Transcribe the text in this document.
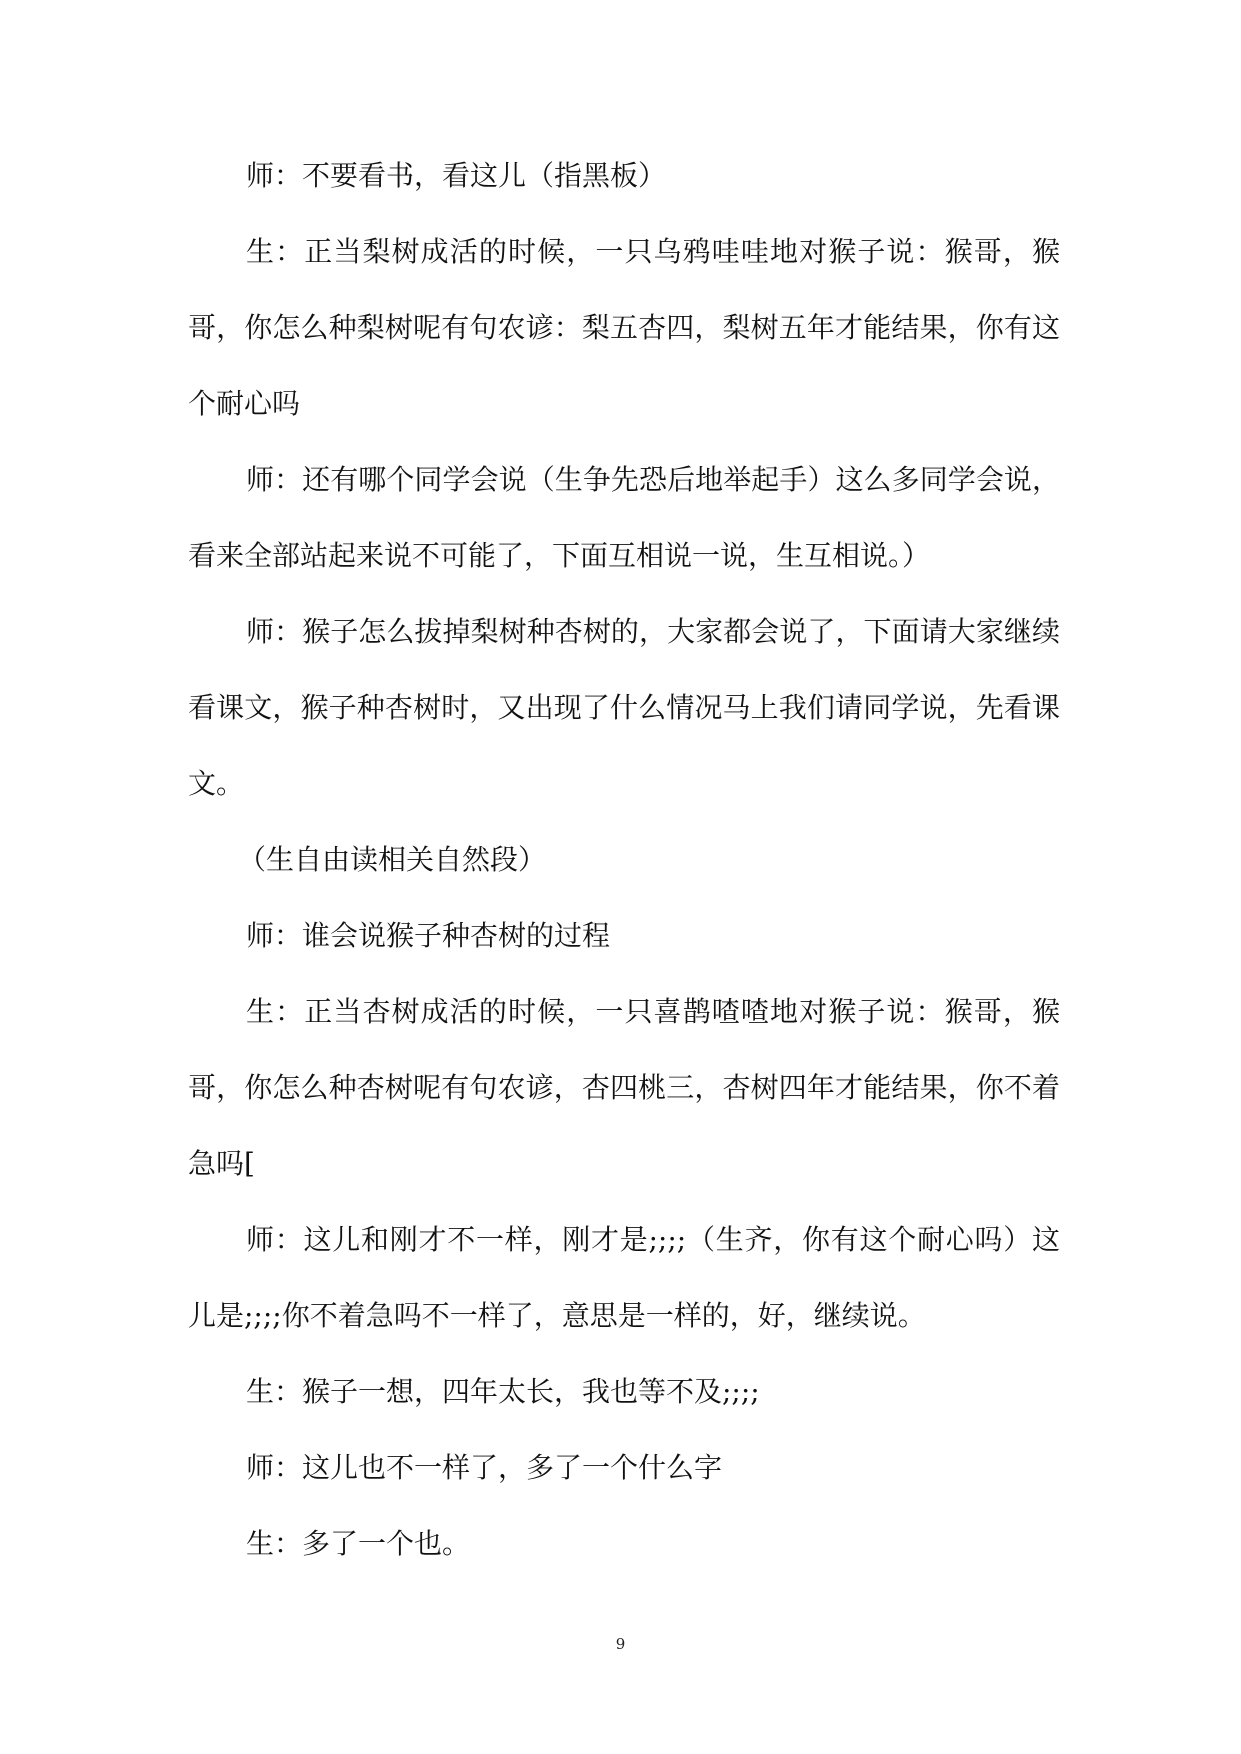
师：不要看书，看这儿（指黑板）

生：正当梨树成活的时候，一只乌鸦哇哇地对猴子说：猴哥，猴哥，你怎么种梨树呢有句农谚：梨五杏四，梨树五年才能结果，你有这个耐心吗

师：还有哪个同学会说（生争先恐后地举起手）这么多同学会说，看来全部站起来说不可能了，下面互相说一说，生互相说。）

师：猴子怎么拔掉梨树种杏树的，大家都会说了，下面请大家继续看课文，猴子种杏树时，又出现了什么情况马上我们请同学说，先看课文。

（生自由读相关自然段）

师：谁会说猴子种杏树的过程

生：正当杏树成活的时候，一只喜鹊喳喳地对猴子说：猴哥，猴哥，你怎么种杏树呢有句农谚，杏四桃三，杏树四年才能结果，你不着急吗[

师：这儿和刚才不一样，刚才是;;;;（生齐，你有这个耐心吗）这儿是;;;;你不着急吗不一样了，意思是一样的，好，继续说。

生：猴子一想，四年太长，我也等不及;;;;

师：这儿也不一样了，多了一个什么字

生：多了一个也。

9
